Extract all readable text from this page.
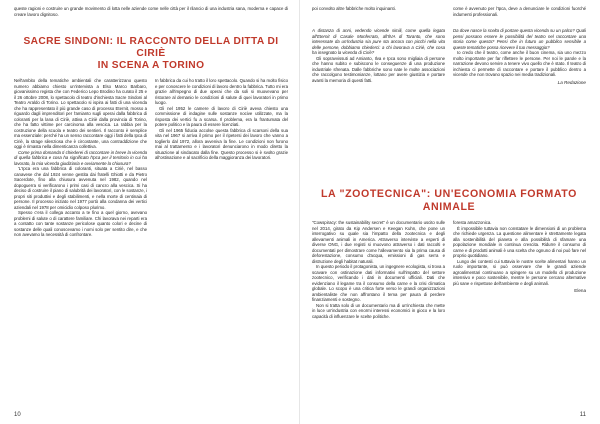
queste ragioni e costruire un grande movimento di lotta nelle aziende come nelle città per il rilancio di una industria sana, moderna e capace di creare lavoro dignitoso.

SACRE SINDONI: IL RACCONTO DELLA DITTA DI CIRIÈ
IN SCENA A TORINO

Nell'ambito della tematiche ambientali che caratterizzano questo numero abbiamo chiesto un'intervista a Elso Marco Barbaro, giovanissimo regista che con Federico Lepo Brodino ha curato il 25 e il 26 ottobre 2008, lo spettacolo di teatro d'inchiesta Sacre Sindoni al Teatro Araldo di Torino. Lo spettacolo si ispira ai fatti di una vicenda che ha rappresentato il più grande caso di processo Eternit, mosso a riguardo dagli imprenditori per l'amianto sugli operai dalla fabbrica di coloranti per la lana di Ciriè, attiva a Ciriè dalla provincia di Torino, che ha fatto vittime per carcinoma alla vescica. La rabbia per la costruzione della scuola e teatro dei sentieri. Il racconto è semplice ma essenziale: perché ha un senso raccontare oggi i fatti della Ipca di Ciriè, la strage silenziosa che è circostante, una contraddizione che oggi è rimasta nella dimenticanza collettiva.

Come prima domanda ti chiederei di raccontare in breve la vicenda di quella fabbrica e cosa ha significato l'Ipca per il territorio in cui ha lavorato, la mia vicenda giudiziaria e ovviamente la chiusura?

'L'Ipca era una fabbrica di coloranti, situata a Ciriè, nel basso canavese che dal 1924 venne gestita dai fratelli Ghiotti e da Pietro Sacerdote, fino alla chiusura avvenuta nel 1982, quando nel dopoguerra si verificarono i primi casi di cancro alla vescica. Si ha deciso di costruire il piano di salubrità dei lavoratori, con le sostanze, i propri siti produttivi e degli stabilimenti, e nella morte di centinaia di persone. Il processo iniziato nel 1977 portò alla condanna dei vertici aziendali nel 1978 per omicidio colposo plurimo.

Spesso c'era il collega accanto a te fino a quel giorno, avevano problemi di salute o di carattere familiare. Chi lavorava nei reparti era a contatto con tante sostanze pericolose quanto colori e decine di sostanze delle quali conoscevamo i nomi solo per sentito dire, e che non avevamo la necessità di confrontare.

In fabbrica da cui ho tratto il loro spettacolo. Quando si ha molto fisico e per conoscere le condizioni di lavoro dentro la fabbrica. Tutto mi era grazie all'impegno di due operai che da soli si muovevano per ristorare al demanio le condizioni di salute di quei lavoratori in primo luogo.

Gli nel 1952 le camere di lavoro di Ciriè aveva chiesto una commissione di indagine sulle sostanze nocive utilizzate, ma la risposta dei vertici fu a scarsa. Il problema, era la frantumata del potere politico e la paura di essere licenziati.

Gli nel 1965 fiducia accolse questa fabbrica di scarsoni della sua vita nel 1967 si arriva il primo per il ripetersi dei lavoro che vanno a toglierlo dal 1972, allora avveniva la fine. Le condizioni non furono mai al trattamento e i lavoratori denunciarono in modo diretto la situazione al sindacato dalla fine. Questo processo si è svolto grazie all'ostinazione e al sacrificio della maggioranza dei lavoratori.

10

poi convolto altre fabbriche molto inquinanti.	come è avvenuto per l'Ipca, deve a denunciare le condizioni fuorché indumenti professionali.

A distanza di anni, vedendo vicende simili, come quella legata all'Eternit di Casale Monferrato, all'IlVA di Taranto, che sono interessate da un'industria sia pure sta ancora con picchi nella vita delle persone, dobbiamo chiederci: a chi lavorava a Ciriè, che cosa ha insegnato la vicenda di Ciriè?

Gli sopravvissuti ad Amianto, Ilva e Ipca sono migliaia di persone che hanno subito e subiscono le conseguenze di una produzione industriale sfrenata. Dalle fabbriche sono nate le molte associazioni che raccolgono testimonianze, lottano per avere giustizia e portare avanti la memoria di questi fatti.

Da dove nasce la scelta di portare questa vicenda su un palco? Quali pensi possano essere le possibilità del teatro nel raccontare una storia come questa? Pensi che in futuro un pubblico sensibile a queste tematiche possa ricevere il tuo messaggio?

Io credo che il teatro, come anche il buon cinema, sia uno mezzo molto importante per far riflettere le persone. Per noi le parole e la narrazione devono servire a tenere vivo quello che è stato. Il teatro di inchiesta ci permette di raccontare e portare il pubblico dentro a vicende che non trovano spazio nei media tradizionali.

La Redazione

LA "ZOOTECNICA": UN'ECONOMIA FORMATO
ANIMALE

"Cowspiracy: the sustainability secret" è un documentario uscito sulle nel 2014, girato da Kip Andersen e Keegan Kuhn, che pone un interrogativo su quale sia l'impatto della zootecnica e degli allevamenti animali in America. Attraverso interviste a esperti di diverse ONG, i due registi si muovono attraverso i dati raccolti e documentati per dimostrare come l'allevamento sia la prima causa di deforestazione, consumo d'acqua, emissioni di gas serra e distruzione degli habitat naturali.

In questo periodo il protagonista, un ingegnere ecologista, si trova a scavare con ostinazione dati informativi sull'impatto del settore zootecnico, verificando i dati in documenti ufficiali. Dati che evidenziano il legame tra il consumo della carne e la crisi climatica globale. Lo scopo è una critica forte verso le grandi organizzazioni ambientaliste che non affrontano il tema per paura di perdere finanziamenti e sostegno.

Non si tratta solo di un documentario ma di un'inchiesta che mette in luce un'industria con enormi interessi economici in gioco e la loro capacità di influenzare le scelte politiche.

foresta amazzonica.

È impossibile tuttavia non constatare le dimensioni di un problema che richiede urgenza. La questione alimentare è strettamente legata alla sostenibilità del pianeta e alla possibilità di sfamare una popolazione mondiale in continua crescita. Ridurre il consumo di carne e di prodotti animali è una scelta che ognuno di noi può fare nel proprio quotidiano.

Lungo dei contesti cui tuttavia le nostre scelte alimentari hanno un ruolo importante, si può osservare che le grandi aziende agroalimentari continuano a spingere su un modello di produzione intensivo e poco sostenibile, mentre le persone cercano alternative più sane e rispettose dell'ambiente e degli animali.

Elena

11
